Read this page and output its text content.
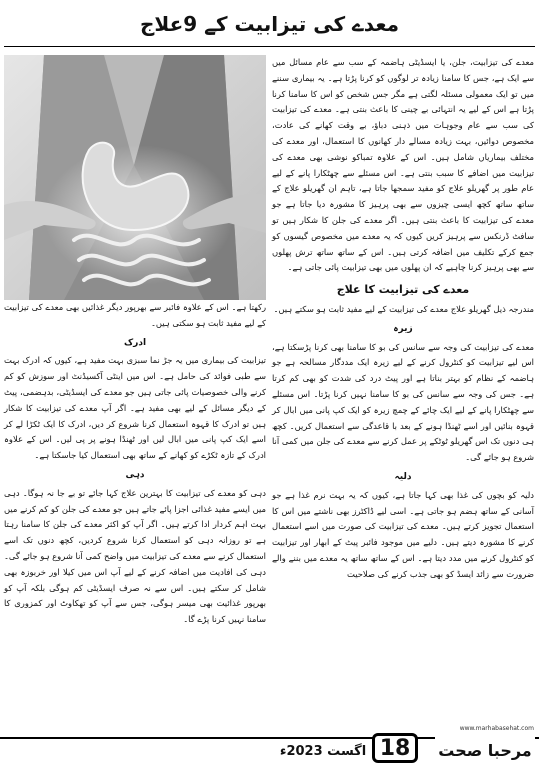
معدے کی تیزابیت کے 9علاج

معدے کی تیزابیت، جلن، یا ایسڈیٹی ہاضمہ کے سب سے عام مسائل میں سے ایک ہے، جس کا سامنا زیادہ تر لوگوں کو کرنا پڑتا ہے۔ یہ بیماری سننے میں تو ایک معمولی مسئلہ لگتی ہے مگر جس شخص کو اس کا سامنا کرنا پڑتا ہے اس کے لیے یہ انتہائی بے چینی کا باعث بنتی ہے۔ معدے کی تیزابیت کی سب سے عام وجوہات میں ذہنی دباؤ، بے وقت کھانے کی عادت، مخصوص دوائیں، بہت زیادہ مسالے دار کھانوں کا استعمال، اور معدے کی مختلف بیماریاں شامل ہیں۔ اس کے علاوہ تمباکو نوشی بھی معدے کی تیزابیت میں اضافے کا سبب بنتی ہے۔ اس مسئلے سے چھٹکارا پانے کے لیے عام طور پر گھریلو علاج کو مفید سمجھا جاتا ہے، تاہم ان گھریلو علاج کے ساتھ ساتھ کچھ ایسی چیزوں سے بھی پرہیز کا مشورہ دیا جاتا ہے جو معدے کی تیزابیت کا باعث بنتی ہیں۔ اگر معدے کی جلن کا شکار ہیں تو سافٹ ڈرنکس سے پرہیز کریں کیوں کہ یہ معدے میں مخصوص گیسوں کو جمع کرکے تکلیف میں اضافہ کرتی ہیں۔ اس کے ساتھ ساتھ ترش پھلوں سے بھی پرہیز کرنا چاہیے کہ ان پھلوں میں بھی تیزابیت پائی جاتی ہے۔

معدے کی تیزابیت کا علاج

مندرجہ ذیل گھریلو علاج معدے کی تیزابیت کے لیے مفید ثابت ہو سکتے ہیں۔

زیرہ

معدے کی تیزابیت کی وجہ سے سانس کی بو کا سامنا بھی کرنا پڑسکتا ہے، اس لیے تیزابیت کو کنٹرول کرنے کے لیے زیرہ ایک مددگار مسالحہ ہے جو ہاضمہ کے نظام کو بہتر بناتا ہے اور پیٹ درد کی شدت کو بھی کم کرتا ہے۔ جس کی وجہ سے سانس کی بو کا سامنا نہیں کرنا پڑتا۔ اس مسئلے سے چھٹکارا پانے کے لیے ایک چائے کے چمچ زیرہ کو ایک کپ پانی میں ابال کر قہوہ بنائیں اور اسے ٹھنڈا ہونے کے بعد با قاعدگی سے استعمال کریں۔ کچھ ہی دنوں تک اس گھریلو ٹوٹکے پر عمل کرنے سے معدے کی جلن میں کمی آنا شروع ہو جائے گی۔

دلیہ

دلیہ کو بچوں کی غذا بھی کہا جاتا ہے، کیوں کہ یہ بہت نرم غذا ہے جو آسانی کے ساتھ ہضم ہو جاتی ہے۔ اسی لیے ڈاکٹرز بھی ناشتے میں اس کا استعمال تجویز کرتے ہیں۔ معدے کی تیزابیت کی صورت میں اسے استعمال کرنے کا مشورہ دیتے ہیں۔ دلیے میں موجود فائبر پیٹ کے ابھار اور تیزابیت کو کنٹرول کرنے میں مدد دیتا ہے۔ اس کے ساتھ ساتھ یہ معدے میں بننے والے ضرورت سے زائد ایسڈ کو بھی جذب کرنے کی صلاحیت

رکھتا ہے۔ اس کے علاوہ فائبر سے بھرپور دیگر غذائیں بھی معدے کی تیزابیت کے لیے مفید ثابت ہو سکتی ہیں۔

ادرک

تیزابیت کی بیماری میں یہ جڑ نما سبزی بہت مفید ہے، کیوں کہ ادرک بہت سے طبی فوائد کی حامل ہے۔ اس میں اینٹی آکسیڈنٹ اور سوزش کو کم کرنے والی خصوصیات پائی جاتی ہیں جو معدے کی ایسڈیٹی، بدہضمی، پیٹ کے دیگر مسائل کے لیے بھی مفید ہے۔ اگر آپ معدے کی تیزابیت کا شکار ہیں تو ادرک کا قہوہ استعمال کرنا شروع کر دیں، ادرک کا ایک ٹکڑا لے کر اسے ایک کپ پانی میں ابال لیں اور ٹھنڈا ہونے پر پی لیں۔ اس کے علاوہ ادرک کے تازہ ٹکڑے کو کھانے کے ساتھ بھی استعمال کیا جاسکتا ہے۔

دہی

دہی کو معدے کی تیزابیت کا بہترین علاج کہا جائے تو بے جا نہ ہوگا۔ دہی میں ایسے مفید غذائی اجزا پائے جاتے ہیں جو معدے کی جلن کو کم کرنے میں بہت اہم کردار ادا کرتے ہیں۔ اگر آپ کو اکثر معدے کی جلن کا سامنا رہتا ہے تو روزانہ دہی کو استعمال کرنا شروع کردیں، کچھ دنوں تک اسے استعمال کرنے سے معدے کی تیزابیت میں واضح کمی آنا شروع ہو جائے گی۔ دہی کی افادیت میں اضافہ کرنے کے لیے آپ اس میں کیلا اور خربوزہ بھی شامل کر سکتے ہیں۔ اس سے نہ صرف ایسڈیٹی کم ہوگی بلکہ آپ کو بھرپور غذائیت بھی میسر ہوگی، جس سے آپ کو تھکاوٹ اور کمزوری کا سامنا نہیں کرنا پڑے گا۔

www.marhabasehat.com
مرحبا صحت
18
اگست 2023ء
